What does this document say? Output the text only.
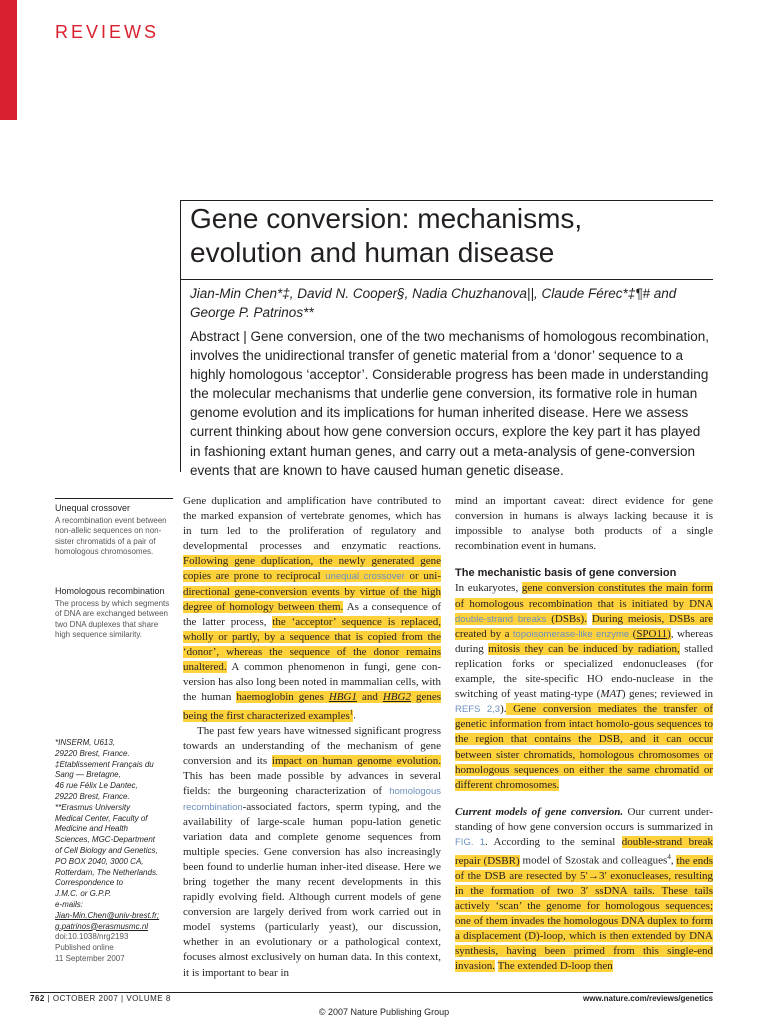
REVIEWS
Gene conversion: mechanisms,
evolution and human disease
Jian-Min Chen*‡, David N. Cooper§, Nadia Chuzhanova||, Claude Férec*‡¶# and George P. Patrinos**
Abstract | Gene conversion, one of the two mechanisms of homologous recombination, involves the unidirectional transfer of genetic material from a ‘donor’ sequence to a highly homologous ‘acceptor’. Considerable progress has been made in understanding the molecular mechanisms that underlie gene conversion, its formative role in human genome evolution and its implications for human inherited disease. Here we assess current thinking about how gene conversion occurs, explore the key part it has played in fashioning extant human genes, and carry out a meta-analysis of gene-conversion events that are known to have caused human genetic disease.
Unequal crossover
A recombination event between non-allelic sequences on non-sister chromatids of a pair of homologous chromosomes.
Homologous recombination
The process by which segments of DNA are exchanged between two DNA duplexes that share high sequence similarity.
*INSERM, U613,
29220 Brest, France.
‡Etablissement Français du
Sang — Bretagne,
46 rue Félix Le Dantec,
29220 Brest, France.
**Erasmus University
Medical Center, Faculty of
Medicine and Health
Sciences, MGC-Department
of Cell Biology and Genetics,
PO BOX 2040, 3000 CA,
Rotterdam, The Netherlands.
Correspondence to
J.M.C. or G.P.P.
e-mails:
Jian-Min.Chen@univ-brest.fr;
g.patrinos@erasmusmc.nl
doi:10.1038/nrg2193
Published online
11 September 2007

Gene duplication and amplification have contributed to the marked expansion of vertebrate genomes, which has in turn led to the proliferation of regulatory and developmental processes and enzymatic reactions. Following gene duplication, the newly generated gene copies are prone to reciprocal unequal crossover or uni-directional gene-conversion events by virtue of the high degree of homology between them. As a consequence of the latter process, the ‘acceptor’ sequence is replaced, wholly or partly, by a sequence that is copied from the ‘donor’, whereas the sequence of the donor remains unaltered. A common phenomenon in fungi, gene con-version has also long been noted in mammalian cells, with the human haemoglobin genes HBG1 and HBG2 genes being the first characterized examples$^1$.

The past few years have witnessed significant progress towards an understanding of the mechanism of gene conversion and its impact on human genome evolution. This has been made possible by advances in several fields: the burgeoning characterization of homologous recombination-associated factors, sperm typing, and the availability of large-scale human popu-lation genetic variation data and complete genome sequences from multiple species. Gene conversion has also increasingly been found to underlie human inher-ited disease. Here we bring together the many recent developments in this rapidly evolving field. Although current models of gene conversion are largely derived from work carried out in model systems (particularly yeast), our discussion, whether in an evolutionary or a pathological context, focuses almost exclusively on human data. In this context, it is important to bear in

mind an important caveat: direct evidence for gene conversion in humans is always lacking because it is impossible to analyse both products of a single recombination event in humans.

The mechanistic basis of gene conversion

In eukaryotes, gene conversion constitutes the main form of homologous recombination that is initiated by DNA double-strand breaks (DSBs). During meiosis, DSBs are created by a topoisomerase-like enzyme (SPO11), whereas during mitosis they can be induced by radiation, stalled replication forks or specialized endonucleases (for example, the site-specific HO endo-nuclease in the switching of yeast mating-type (MAT) genes; reviewed in REFS 2,3). Gene conversion mediates the transfer of genetic information from intact homolo-gous sequences to the region that contains the DSB, and it can occur between sister chromatids, homologous chromosomes or homologous sequences on either the same chromatid or different chromosomes.

Current models of gene conversion. Our current under-standing of how gene conversion occurs is summarized in FIG. 1. According to the seminal double-strand break repair (DSBR) model of Szostak and colleagues$^4$, the ends of the DSB are resected by 5′→3′ exonucleases, resulting in the formation of two 3′ ssDNA tails. These tails actively ‘scan’ the genome for homologous sequences; one of them invades the homologous DNA duplex to form a displacement (D)-loop, which is then extended by DNA synthesis, having been primed from this single-end invasion. The extended D-loop then

762 | OCTOBER 2007 | VOLUME 8	www.nature.com/reviews/genetics
© 2007 Nature Publishing Group
